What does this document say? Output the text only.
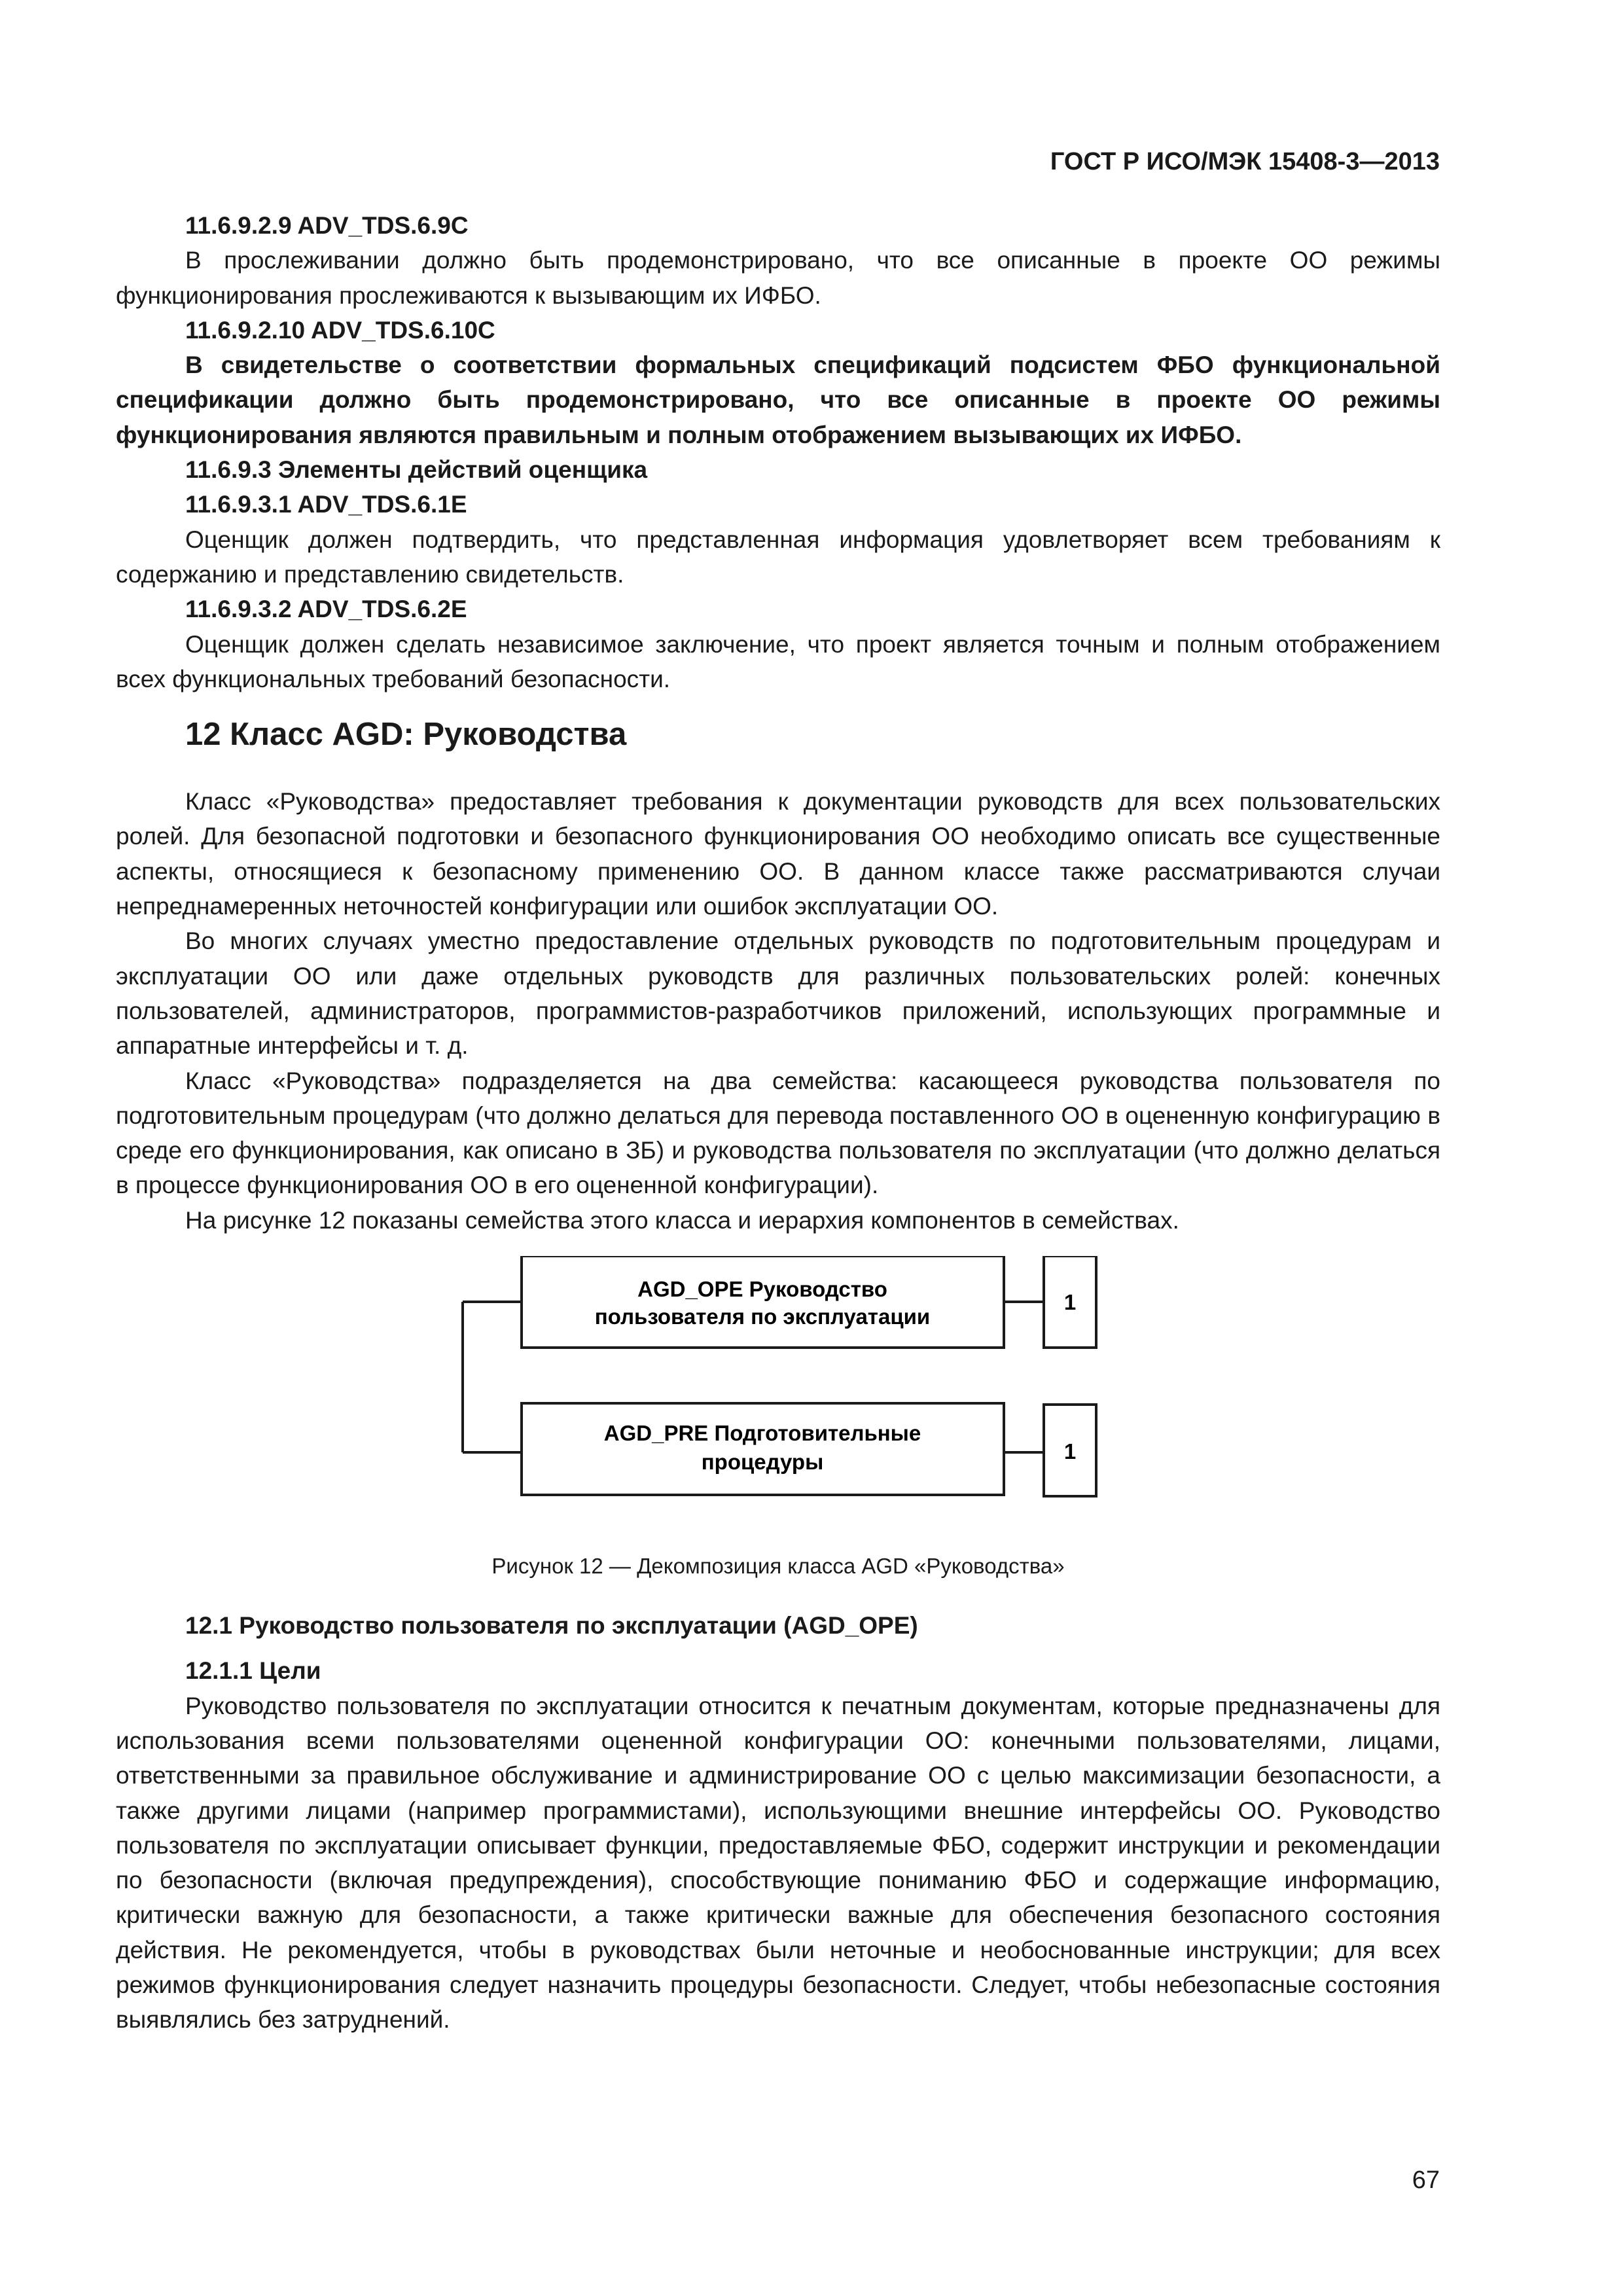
ГОСТ Р ИСО/МЭК 15408-3—2013

11.6.9.2.9 ADV_TDS.6.9C

В прослеживании должно быть продемонстрировано, что все описанные в проекте ОО режимы функционирования прослеживаются к вызывающим их ИФБО.

11.6.9.2.10 ADV_TDS.6.10C

В свидетельстве о соответствии формальных спецификаций подсистем ФБО функциональной спецификации должно быть продемонстрировано, что все описанные в проекте ОО режимы функционирования являются правильным и полным отображением вызывающих их ИФБО.

11.6.9.3 Элементы действий оценщика

11.6.9.3.1 ADV_TDS.6.1E

Оценщик должен подтвердить, что представленная информация удовлетворяет всем требованиям к содержанию и представлению свидетельств.

11.6.9.3.2 ADV_TDS.6.2E

Оценщик должен сделать независимое заключение, что проект является точным и полным отображением всех функциональных требований безопасности.

12 Класс AGD: Руководства

Класс «Руководства» предоставляет требования к документации руководств для всех пользовательских ролей. Для безопасной подготовки и безопасного функционирования ОО необходимо описать все существенные аспекты, относящиеся к безопасному применению ОО. В данном классе также рассматриваются случаи непреднамеренных неточностей конфигурации или ошибок эксплуатации ОО.

Во многих случаях уместно предоставление отдельных руководств по подготовительным процедурам и эксплуатации ОО или даже отдельных руководств для различных пользовательских ролей: конечных пользователей, администраторов, программистов-разработчиков приложений, использующих программные и аппаратные интерфейсы и т. д.

Класс «Руководства» подразделяется на два семейства: касающееся руководства пользователя по подготовительным процедурам (что должно делаться для перевода поставленного ОО в оцененную конфигурацию в среде его функционирования, как описано в ЗБ) и руководства пользователя по эксплуатации (что должно делаться в процессе функционирования ОО в его оцененной конфигурации).

На рисунке 12 показаны семейства этого класса и иерархия компонентов в семействах.

AGD_OPE Руководство
пользователя по эксплуатации
1
AGD_PRE Подготовительные
процедуры	1
Рисунок 12 — Декомпозиция класса AGD «Руководства»

12.1 Руководство пользователя по эксплуатации (AGD_OPE)

12.1.1 Цели

Руководство пользователя по эксплуатации относится к печатным документам, которые предназначены для использования всеми пользователями оцененной конфигурации ОО: конечными пользователями, лицами, ответственными за правильное обслуживание и администрирование ОО с целью максимизации безопасности, а также другими лицами (например программистами), использующими внешние интерфейсы ОО. Руководство пользователя по эксплуатации описывает функции, предоставляемые ФБО, содержит инструкции и рекомендации по безопасности (включая предупреждения), способствующие пониманию ФБО и содержащие информацию, критически важную для безопасности, а также критически важные для обеспечения безопасного состояния действия. Не рекомендуется, чтобы в руководствах были неточные и необоснованные инструкции; для всех режимов функционирования следует назначить процедуры безопасности. Следует, чтобы небезопасные состояния выявлялись без затруднений.

67
